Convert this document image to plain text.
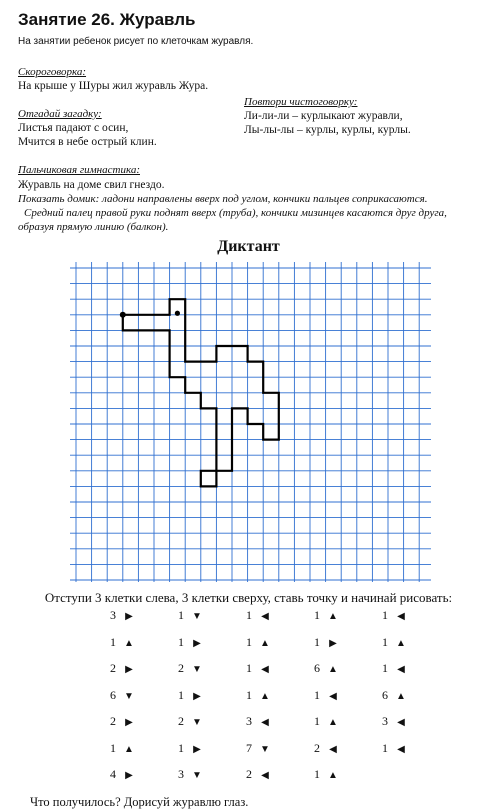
Занятие 26. Журавль
На занятии ребенок рисует по клеточкам журавля.
Скороговорка:
На крыше у Шуры жил журавль Жура.
Отгадай загадку:
Листья падают с осин,
Мчится в небе острый клин.
Повтори чистоговорку:
Ли-ли-ли – курлыкают журавли,
Лы-лы-лы – курлы, курлы, курлы.
Пальчиковая гимнастика:
Журавль на доме свил гнездо.
Показать домик: ладони направлены вверх под углом, кончики пальцев соприкасаются.
Средний палец правой руки поднят вверх (труба), кончики мизинцев касаются друг друга,
образуя прямую линию (балкон).
Диктант
Отступи 3 клетки слева, 3 клетки сверху, ставь точку и начинай рисовать:
3 ▶
1 ▲
2 ▶
6 ▼
2 ▶
1 ▲
4 ▶
1 ▼
1 ▶
2 ▼
1 ▶
2 ▼
1 ▶
3 ▼
1 ◀
1 ▲
1 ◀
1 ▲
3 ◀
7 ▼
2 ◀
1 ▲
1 ▶
6 ▲
1 ◀
1 ▲
2 ◀
1 ▲
1 ◀
1 ▲
1 ◀
6 ▲
3 ◀
1 ◀
Что получилось? Дорисуй журавлю глаз.
